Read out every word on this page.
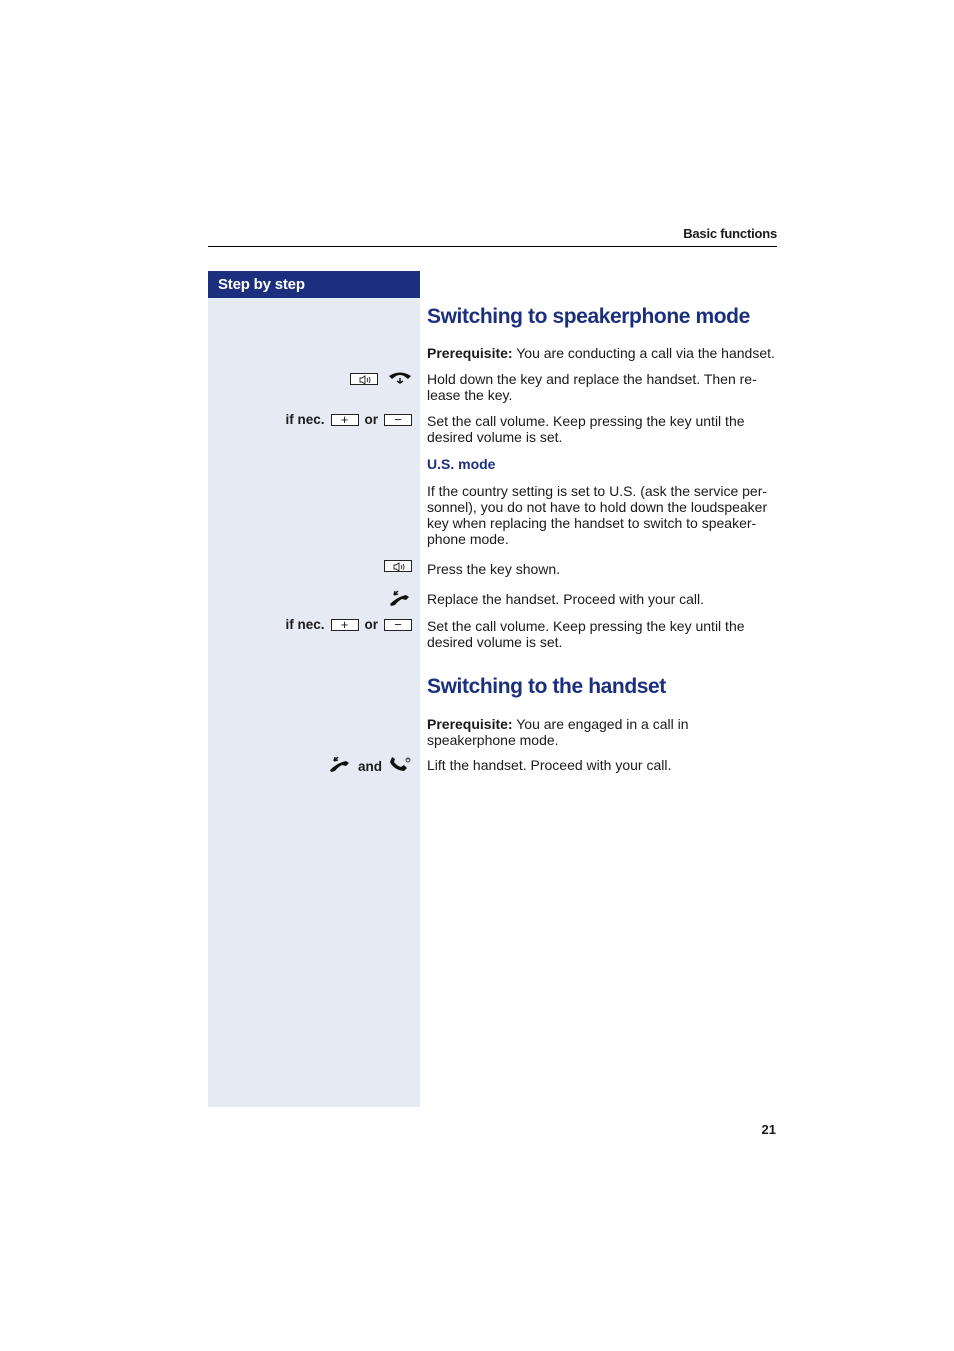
Basic functions
Step by step
Switching to speakerphone mode
Prerequisite: You are conducting a call via the handset.
Hold down the key and replace the handset. Then re-lease the key.
if nec.	+	or	−	Set the call volume. Keep pressing the key until the desired volume is set.
U.S. mode
If the country setting is set to U.S. (ask the service per-sonnel), you do not have to hold down the loudspeaker key when replacing the handset to switch to speaker-phone mode.
Press the key shown.
Replace the handset. Proceed with your call.
if nec.	+	or	−	Set the call volume. Keep pressing the key until the desired volume is set.
Switching to the handset
Prerequisite: You are engaged in a call in speakerphone mode.
and	Lift the handset. Proceed with your call.
21
